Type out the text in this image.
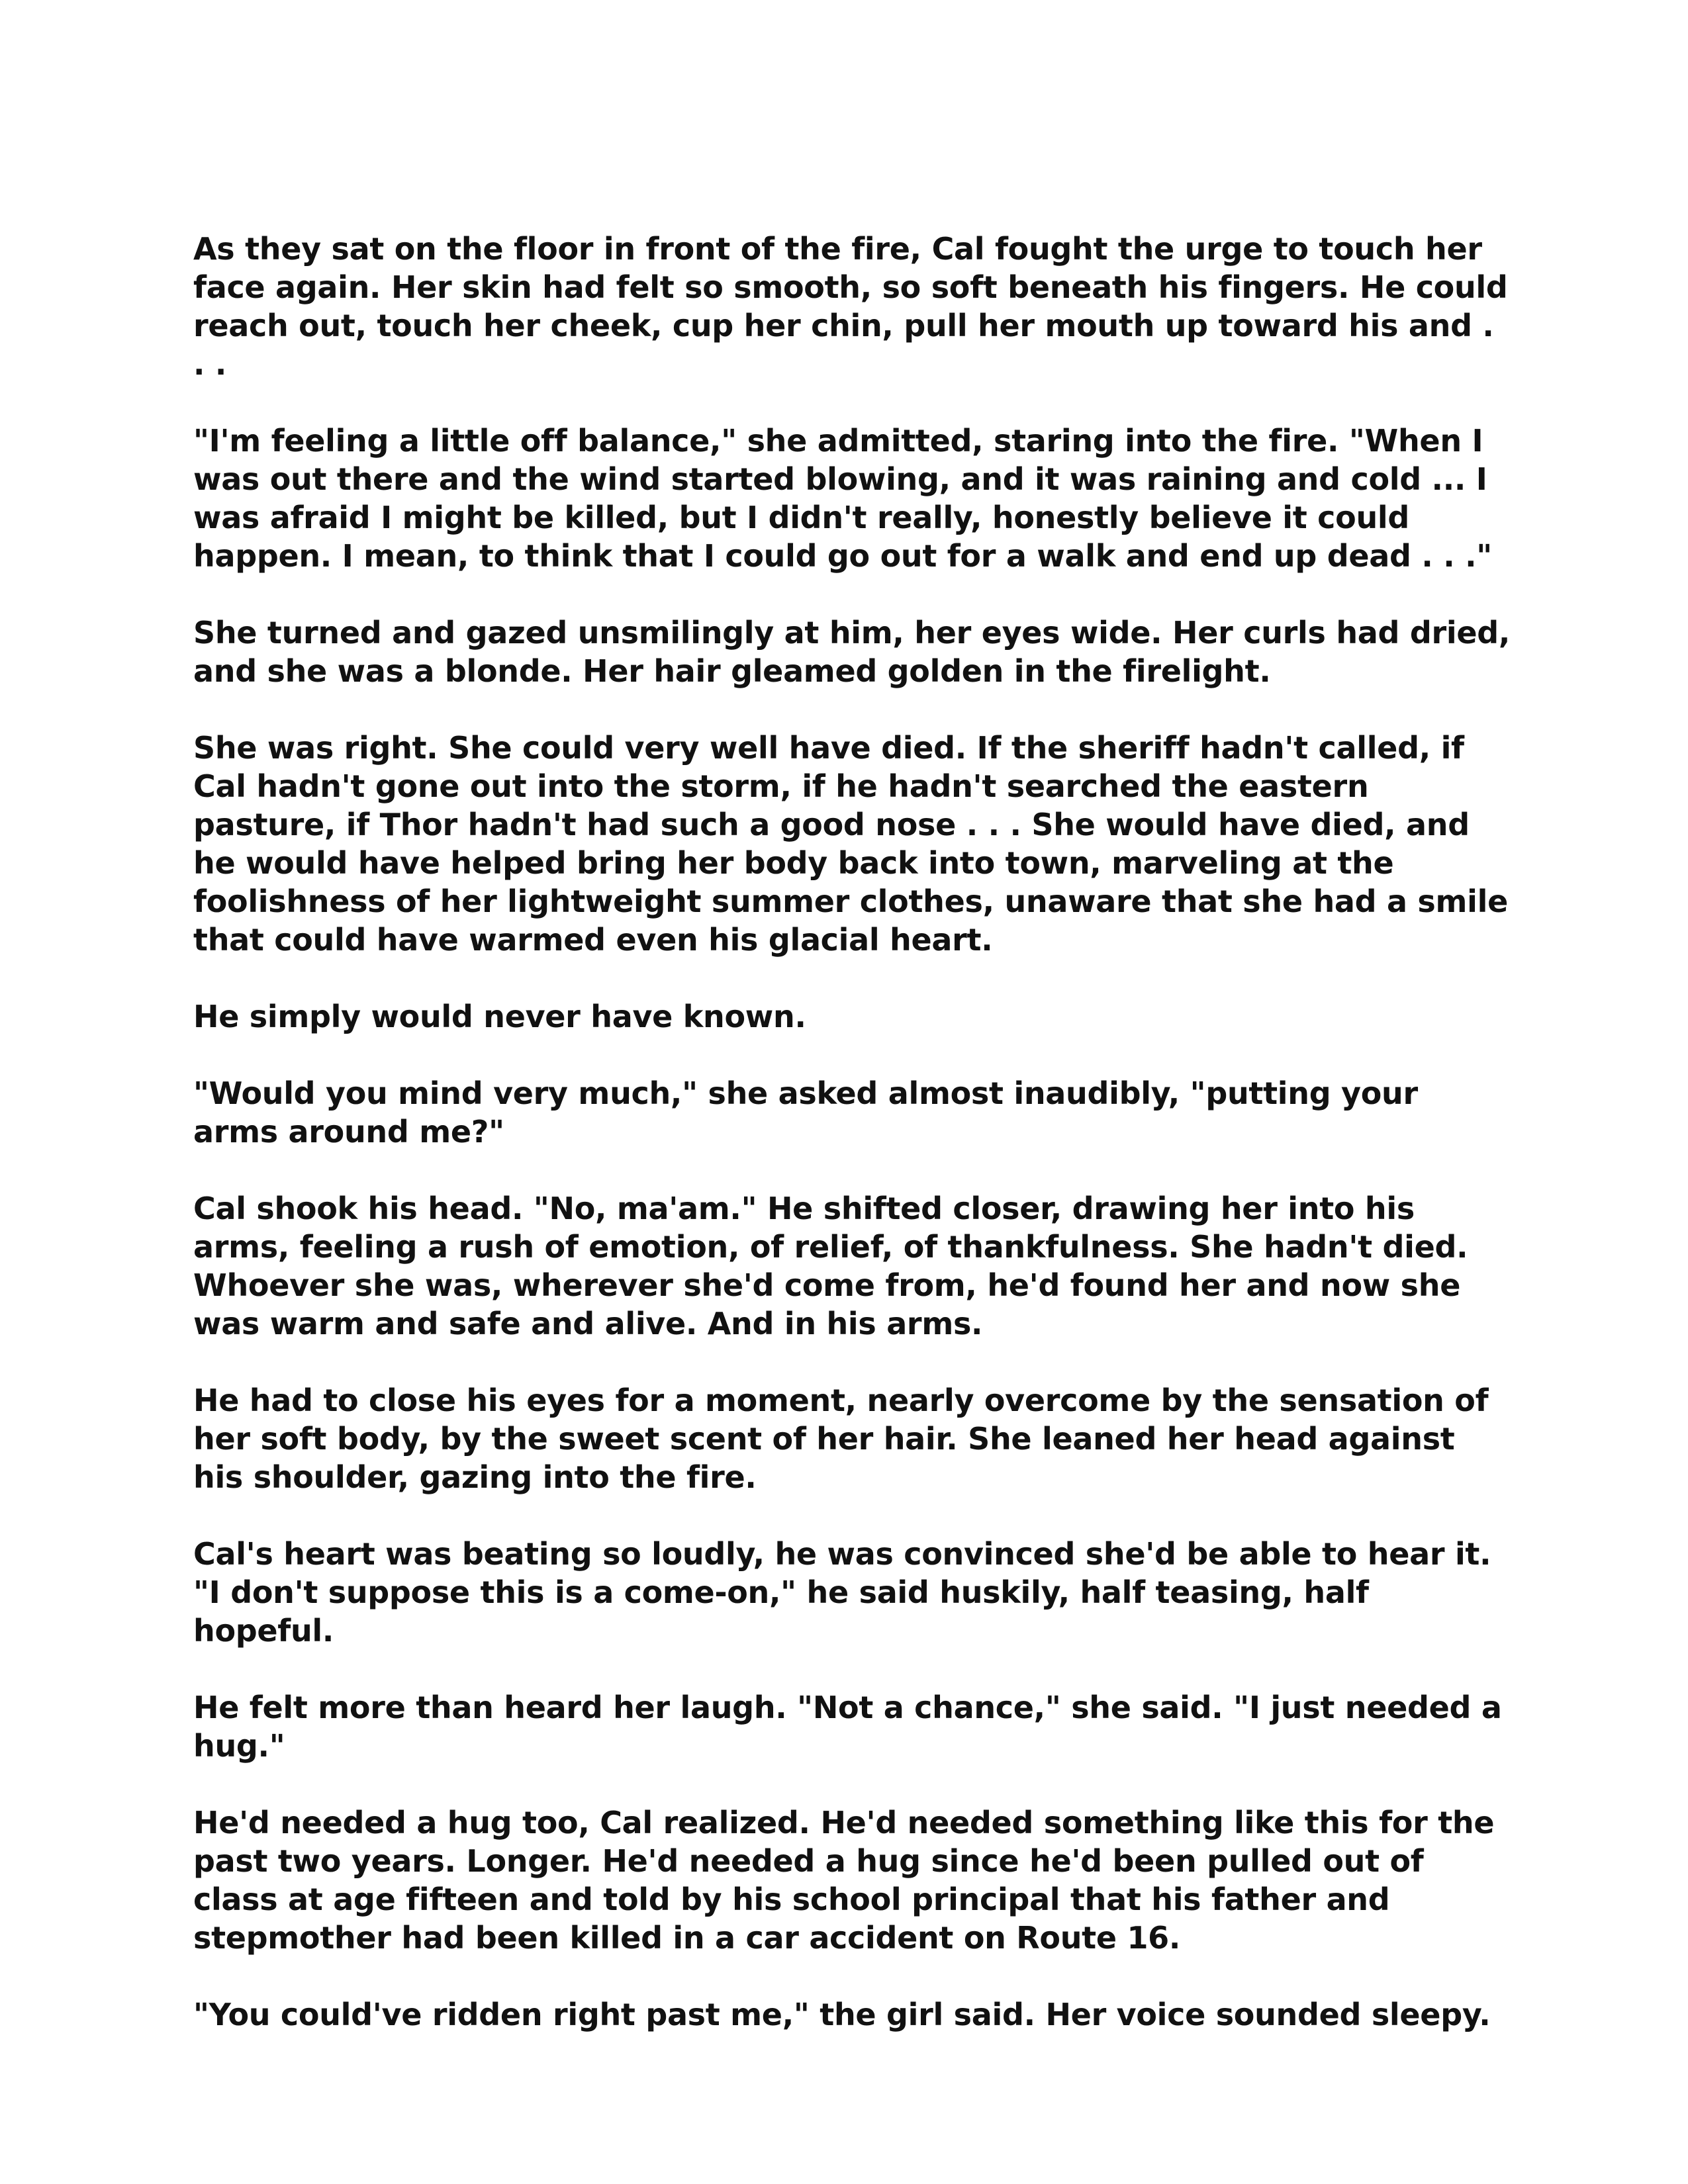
As they sat on the floor in front of the fire, Cal fought the urge to touch her face again. Her skin had felt so smooth, so soft beneath his fingers. He could reach out, touch her cheek, cup her chin, pull her mouth up toward his and . . .

"I'm feeling a little off balance," she admitted, staring into the fire. "When I was out there and the wind started blowing, and it was raining and cold ... I was afraid I might be killed, but I didn't really, honestly believe it could happen. I mean, to think that I could go out for a walk and end up dead . . ."

She turned and gazed unsmilingly at him, her eyes wide. Her curls had dried, and she was a blonde. Her hair gleamed golden in the firelight.

She was right. She could very well have died. If the sheriff hadn't called, if Cal hadn't gone out into the storm, if he hadn't searched the eastern pasture, if Thor hadn't had such a good nose . . . She would have died, and he would have helped bring her body back into town, marveling at the foolishness of her lightweight summer clothes, unaware that she had a smile that could have warmed even his glacial heart.

He simply would never have known.

"Would you mind very much," she asked almost inaudibly, "putting your arms around me?"

Cal shook his head. "No, ma'am." He shifted closer, drawing her into his arms, feeling a rush of emotion, of relief, of thankfulness. She hadn't died. Whoever she was, wherever she'd come from, he'd found her and now she was warm and safe and alive. And in his arms.

He had to close his eyes for a moment, nearly overcome by the sensation of her soft body, by the sweet scent of her hair. She leaned her head against his shoulder, gazing into the fire.

Cal's heart was beating so loudly, he was convinced she'd be able to hear it. "I don't suppose this is a come-on," he said huskily, half teasing, half hopeful.

He felt more than heard her laugh. "Not a chance," she said. "I just needed a hug."

He'd needed a hug too, Cal realized. He'd needed something like this for the past two years. Longer. He'd needed a hug since he'd been pulled out of class at age fifteen and told by his school principal that his father and stepmother had been killed in a car accident on Route 16.

"You could've ridden right past me," the girl said. Her voice sounded sleepy.
